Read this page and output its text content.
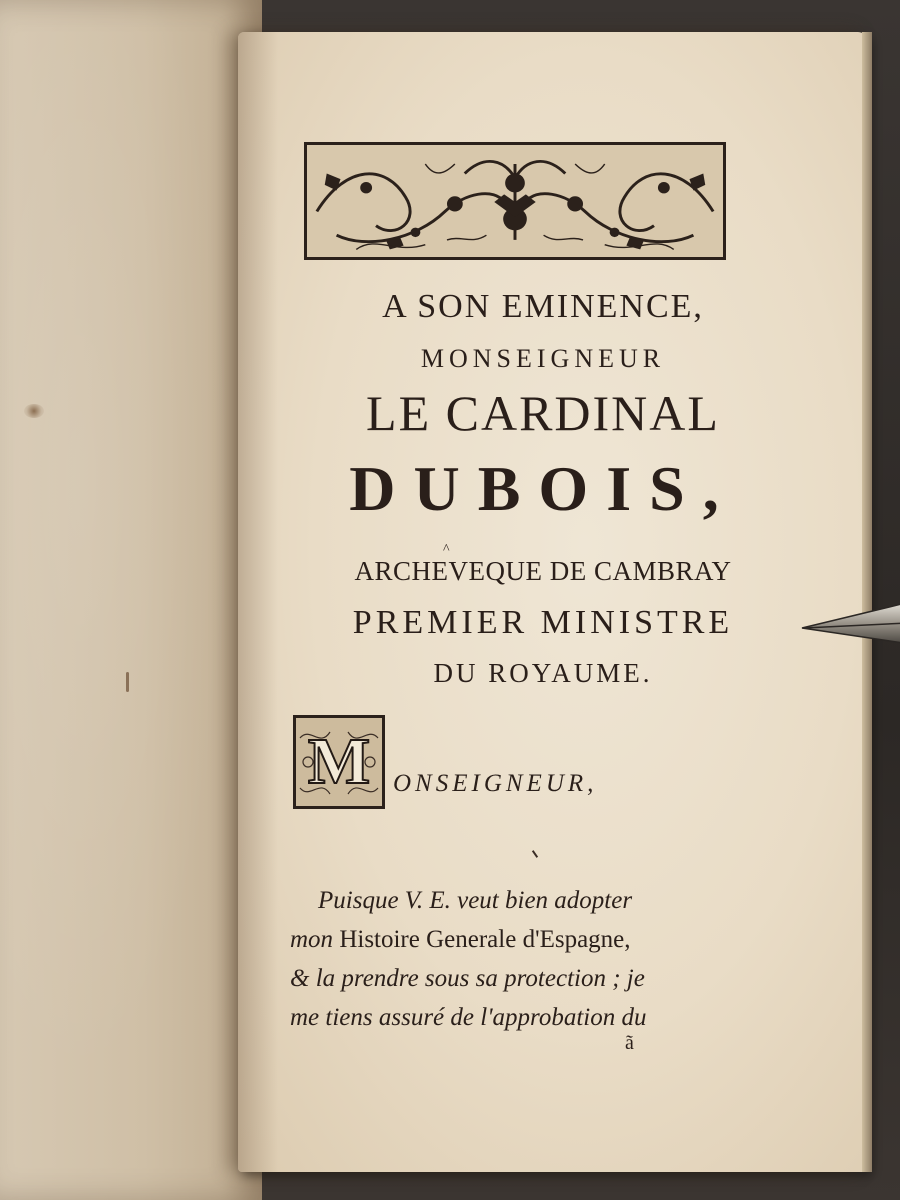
A SON EMINENCE,
MONSEIGNEUR
LE CARDINAL
DUBOIS,
^
ARCHEVEQUE DE CAMBRAY
PREMIER MINISTRE
DU ROYAUME.
M ONSEIGNEUR,
Puisque V. E. veut bien adopter
mon Histoire Generale d'Espagne,
& la prendre sous sa protection ; je
me tiens assuré de l'approbation du
ã
